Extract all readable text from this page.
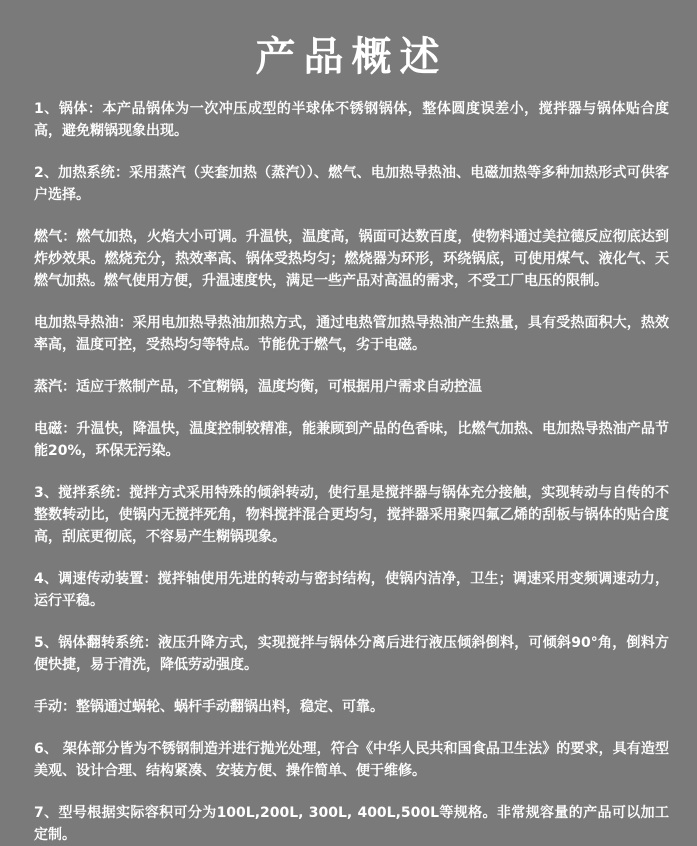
产品概述

1、锅体：本产品锅体为一次冲压成型的半球体不锈钢锅体，整体圆度误差小，搅拌器与锅体贴合度高，避免糊锅现象出现。

2、加热系统：采用蒸汽（夹套加热（蒸汽））、燃气、电加热导热油、电磁加热等多种加热形式可供客户选择。

燃气：燃气加热，火焰大小可调。升温快，温度高，锅面可达数百度，使物料通过美拉德反应彻底达到炸炒效果。燃烧充分，热效率高、锅体受热均匀；燃烧器为环形，环绕锅底，可使用煤气、液化气、天燃气加热。燃气使用方便，升温速度快，满足一些产品对高温的需求，不受工厂电压的限制。

电加热导热油：采用电加热导热油加热方式，通过电热管加热导热油产生热量，具有受热面积大，热效率高，温度可控，受热均匀等特点。节能优于燃气，劣于电磁。

蒸汽：适应于熬制产品，不宜糊锅，温度均衡，可根据用户需求自动控温

电磁：升温快，降温快，温度控制较精准，能兼顾到产品的色香味，比燃气加热、电加热导热油产品节能20%，环保无污染。

3、搅拌系统：搅拌方式采用特殊的倾斜转动，使行星是搅拌器与锅体充分接触，实现转动与自传的不整数转动比，使锅内无搅拌死角，物料搅拌混合更均匀，搅拌器采用聚四氟乙烯的刮板与锅体的贴合度高，刮底更彻底，不容易产生糊锅现象。

4、调速传动装置：搅拌轴使用先进的转动与密封结构，使锅内洁净，卫生；调速采用变频调速动力，运行平稳。

5、锅体翻转系统：液压升降方式，实现搅拌与锅体分离后进行液压倾斜倒料，可倾斜90°角，倒料方便快捷，易于清洗，降低劳动强度。

手动：整锅通过蜗轮、蜗杆手动翻锅出料，稳定、可靠。

6、 架体部分皆为不锈钢制造并进行抛光处理，符合《中华人民共和国食品卫生法》的要求，具有造型美观、设计合理、结构紧凑、安装方便、操作简单、便于维修。

7、型号根据实际容积可分为100L,200L, 300L, 400L,500L等规格。非常规容量的产品可以加工定制。
